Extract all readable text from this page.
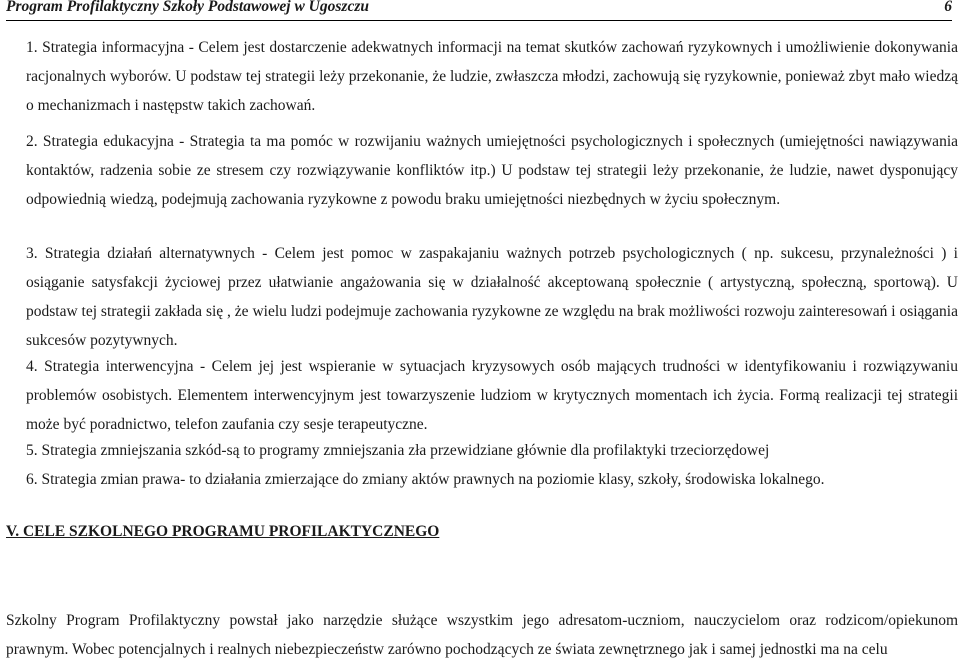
Program Profilaktyczny Szkoły Podstawowej w Ugoszczu	6

1. Strategia informacyjna - Celem jest dostarczenie adekwatnych informacji na temat skutków zachowań ryzykownych i umożliwienie dokonywania racjonalnych wyborów. U podstaw tej strategii leży przekonanie, że ludzie, zwłaszcza młodzi, zachowują się ryzykownie, ponieważ zbyt mało wiedzą o mechanizmach i następstw takich zachowań.

2. Strategia edukacyjna - Strategia ta ma pomóc w rozwijaniu ważnych umiejętności psychologicznych i społecznych (umiejętności nawiązywania kontaktów, radzenia sobie ze stresem czy rozwiązywanie konfliktów itp.) U podstaw tej strategii leży przekonanie, że ludzie, nawet dysponujący odpowiednią wiedzą, podejmują zachowania ryzykowne z powodu braku umiejętności niezbędnych w życiu społecznym.

3. Strategia działań alternatywnych - Celem jest pomoc w zaspakajaniu ważnych potrzeb psychologicznych ( np. sukcesu, przynależności ) i osiąganie satysfakcji życiowej przez ułatwianie angażowania się w działalność akceptowaną społecznie ( artystyczną, społeczną, sportową). U podstaw tej strategii zakłada się , że wielu ludzi podejmuje zachowania ryzykowne ze względu na brak możliwości rozwoju zainteresowań i osiągania sukcesów pozytywnych.

4. Strategia interwencyjna - Celem jej jest wspieranie w sytuacjach kryzysowych osób mających trudności w identyfikowaniu i rozwiązywaniu problemów osobistych. Elementem interwencyjnym jest towarzyszenie ludziom w krytycznych momentach ich życia. Formą realizacji tej strategii może być poradnictwo, telefon zaufania czy sesje terapeutyczne.

5. Strategia zmniejszania szkód-są to programy zmniejszania zła przewidziane głównie dla profilaktyki trzeciorzędowej

6. Strategia zmian prawa- to działania zmierzające do zmiany aktów prawnych na poziomie klasy, szkoły, środowiska lokalnego.

V. CELE SZKOLNEGO PROGRAMU PROFILAKTYCZNEGO

Szkolny Program Profilaktyczny powstał jako narzędzie służące wszystkim jego adresatom-uczniom, nauczycielom oraz rodzicom/opiekunom prawnym. Wobec potencjalnych i realnych niebezpieczeństw zarówno pochodzących ze świata zewnętrznego jak i samej jednostki ma na celu
